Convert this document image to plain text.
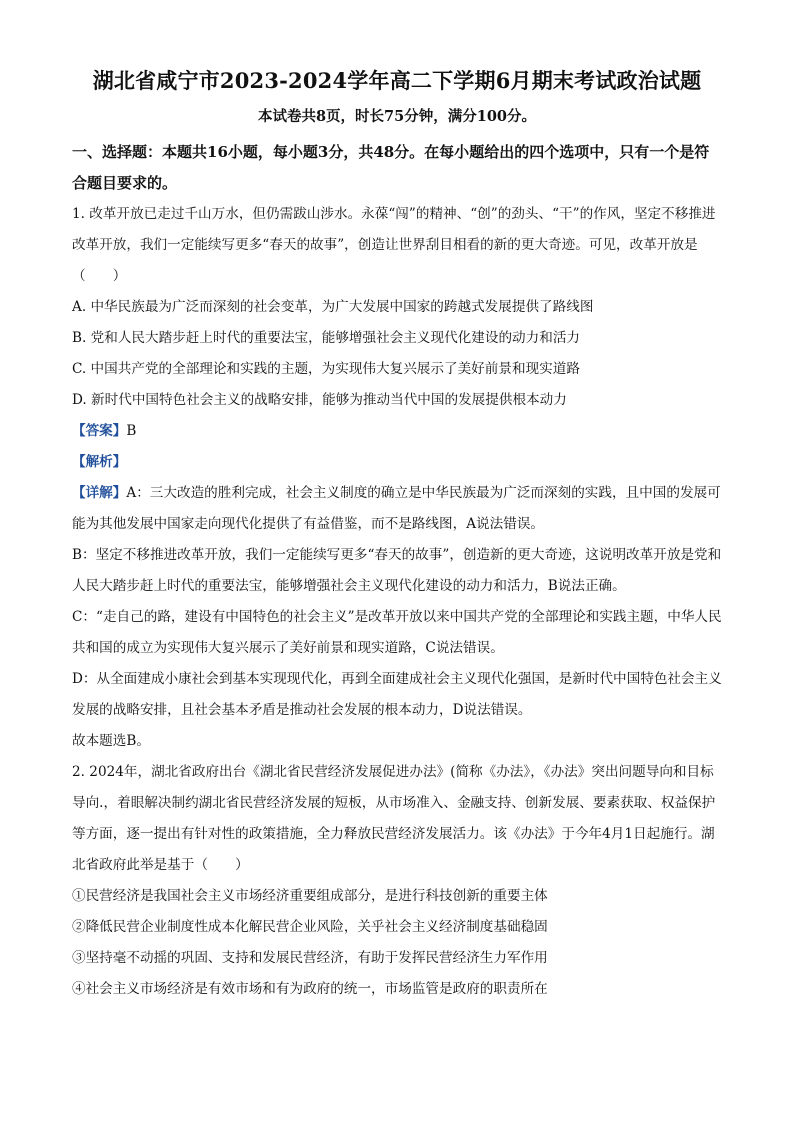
湖北省咸宁市2023-2024学年高二下学期6月期末考试政治试题
本试卷共8页，时长75分钟，满分100分。
一、选择题：本题共16小题，每小题3分，共48分。在每小题给出的四个选项中，只有一个是符合题目要求的。

1. 改革开放已走过千山万水，但仍需跋山涉水。永葆“闯”的精神、“创”的劲头、“干”的作风，坚定不移推进改革开放，我们一定能续写更多“春天的故事”，创造让世界刮目相看的新的更大奇迹。可见，改革开放是（　　）

A. 中华民族最为广泛而深刻的社会变革，为广大发展中国家的跨越式发展提供了路线图

B. 党和人民大踏步赶上时代的重要法宝，能够增强社会主义现代化建设的动力和活力

C. 中国共产党的全部理论和实践的主题，为实现伟大复兴展示了美好前景和现实道路

D. 新时代中国特色社会主义的战略安排，能够为推动当代中国的发展提供根本动力

【答案】B

【解析】

【详解】A：三大改造的胜利完成，社会主义制度的确立是中华民族最为广泛而深刻的实践，且中国的发展可能为其他发展中国家走向现代化提供了有益借鉴，而不是路线图，A说法错误。

B：坚定不移推进改革开放，我们一定能续写更多“春天的故事”，创造新的更大奇迹，这说明改革开放是党和人民大踏步赶上时代的重要法宝，能够增强社会主义现代化建设的动力和活力，B说法正确。

C：“走自己的路，建设有中国特色的社会主义”是改革开放以来中国共产党的全部理论和实践主题，中华人民共和国的成立为实现伟大复兴展示了美好前景和现实道路，C说法错误。

D：从全面建成小康社会到基本实现现代化，再到全面建成社会主义现代化强国，是新时代中国特色社会主义发展的战略安排，且社会基本矛盾是推动社会发展的根本动力，D说法错误。

故本题选B。

2. 2024年，湖北省政府出台《湖北省民营经济发展促进办法》(简称《办法》，《办法》突出问题导向和目标导向.，着眼解决制约湖北省民营经济发展的短板，从市场准入、金融支持、创新发展、要素获取、权益保护等方面，逐一提出有针对性的政策措施，全力释放民营经济发展活力。该《办法》于今年4月1日起施行。湖北省政府此举是基于（　　）

①民营经济是我国社会主义市场经济重要组成部分，是进行科技创新的重要主体

②降低民营企业制度性成本化解民营企业风险，关乎社会主义经济制度基础稳固

③坚持毫不动摇的巩固、支持和发展民营经济，有助于发挥民营经济生力军作用

④社会主义市场经济是有效市场和有为政府的统一，市场监管是政府的职责所在
